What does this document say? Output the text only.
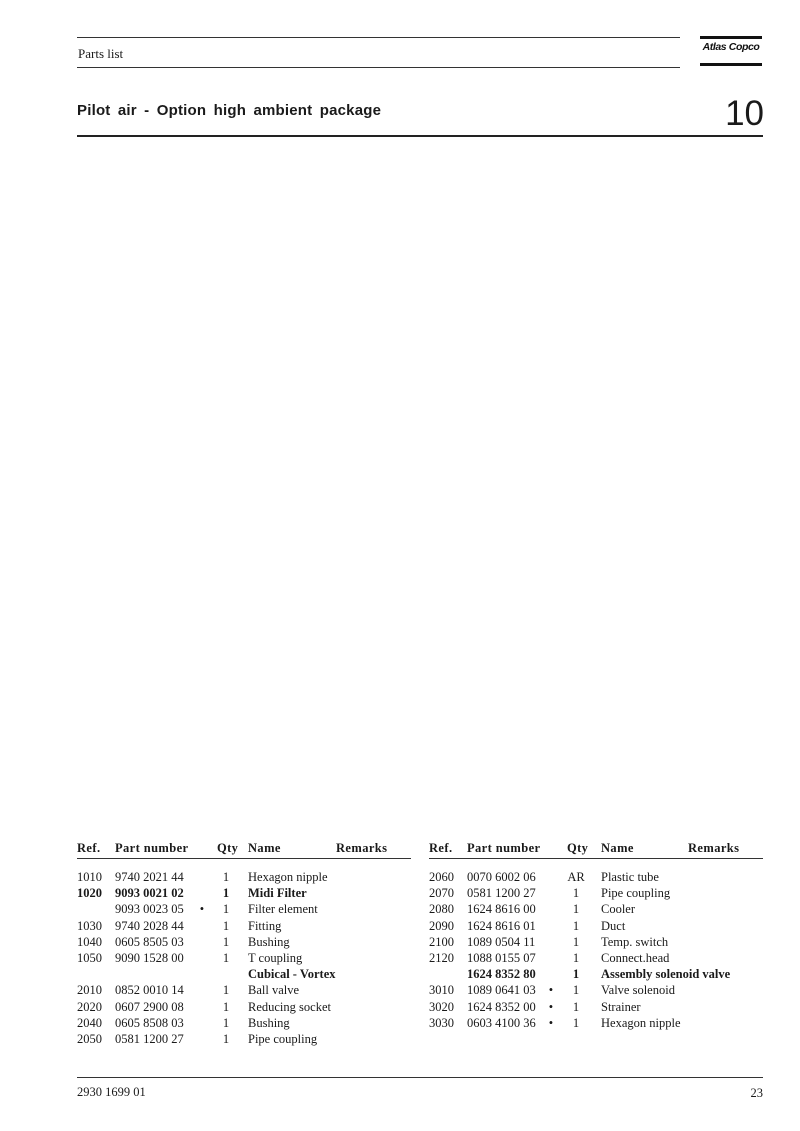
Parts list	Atlas Copco
Pilot air - Option high ambient package	10
Ref. Part number Qty Name	Remarks
1010 9740 2021 44	1	Hexagon nipple
1020 9093 0021 02	1	Midi Filter
9093 0023 05 •	1	Filter element
1030 9740 2028 44	1	Fitting
1040 0605 8505 03	1	Bushing
1050 9090 1528 00	1	T coupling
Cubical - Vortex
2010 0852 0010 14	1	Ball valve
2020 0607 2900 08	1	Reducing socket
2040 0605 8508 03	1	Bushing
2050 0581 1200 27	1	Pipe coupling
Ref. Part number Qty Name	Remarks
2060 0070 6002 06	AR Plastic tube
2070 0581 1200 27	1	Pipe coupling
2080 1624 8616 00	1	Cooler
2090 1624 8616 01	1	Duct
2100 1089 0504 11	1	Temp. switch
2120 1088 0155 07	1	Connect.head
1624 8352 80	1	Assembly solenoid valve
3010 1089 0641 03 •	1	Valve solenoid
3020 1624 8352 00 •	1	Strainer
3030 0603 4100 36 •	1	Hexagon nipple
2930 1699 01	23
